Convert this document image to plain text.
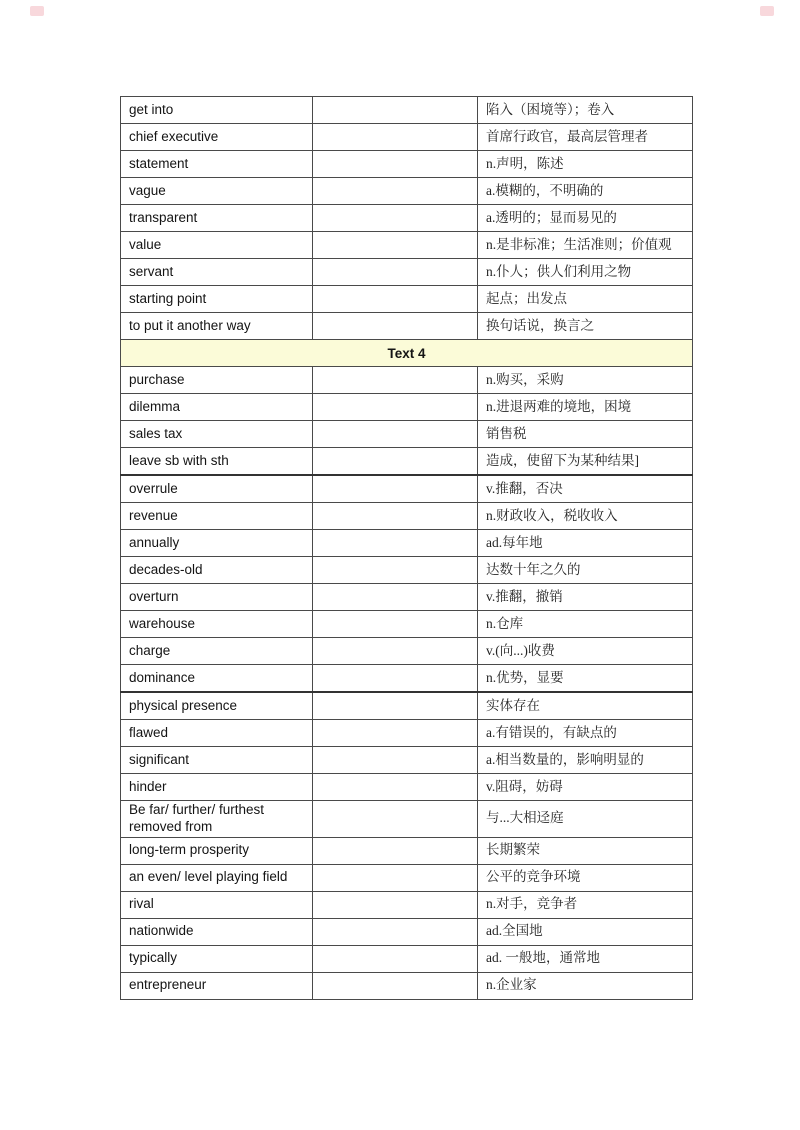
get into		陷入（困境等）；卷入
chief executive		首席行政官，最高层管理者
statement		n.声明，陈述
vague		a.模糊的，不明确的
transparent		a.透明的；显而易见的
value		n.是非标准；生活准则；价值观
servant		n.仆人；供人们利用之物
starting point		起点；出发点
to put it another way		换句话说，换言之
Text 4		
purchase		n.购买，采购
dilemma		n.进退两难的境地，困境
sales tax		销售税
leave sb with sth		造成，使留下为某种结果]
overrule		v.推翻，否决
revenue		n.财政收入，税收收入
annually		ad.每年地
decades-old		达数十年之久的
overturn		v.推翻，撤销
warehouse		n.仓库
charge		v.(向...)收费
dominance		n.优势，显要
physical presence		实体存在
flawed		a.有错误的，有缺点的
significant		a.相当数量的，影响明显的
hinder		v.阻碍，妨碍
Be far/ further/ furthest removed from		与...大相迳庭
long-term prosperity		长期繁荣
an even/ level playing field		公平的竞争环境
rival		n.对手，竞争者
nationwide		ad.全国地
typically		ad. 一般地，通常地
entrepreneur		n.企业家
